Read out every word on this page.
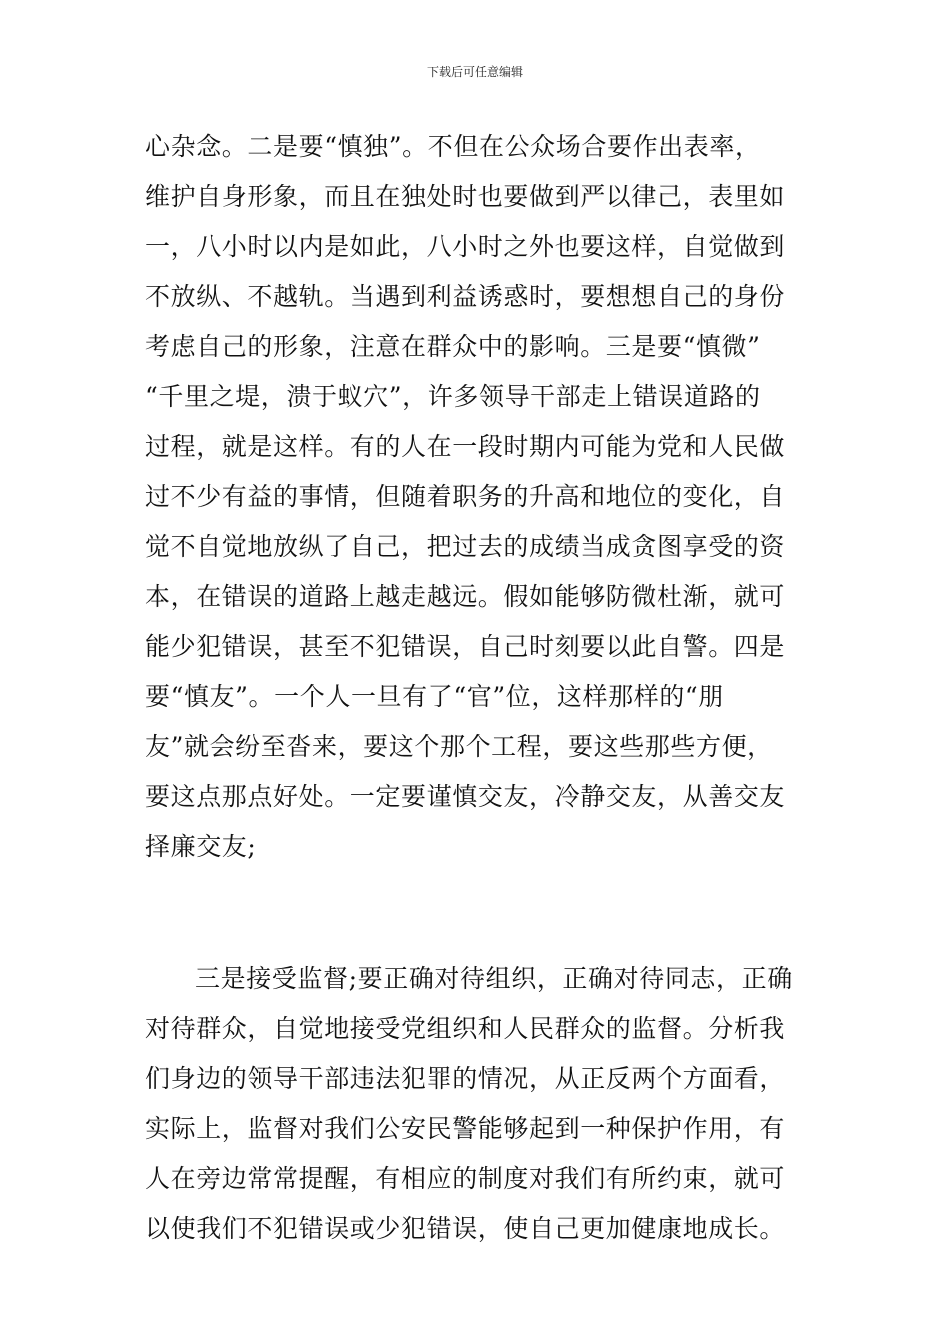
下载后可任意编辑
心杂念。二是要“慎独”。不但在公众场合要作出表率，
维护自身形象，而且在独处时也要做到严以律己，表里如
一，八小时以内是如此，八小时之外也要这样，自觉做到
不放纵、不越轨。当遇到利益诱惑时，要想想自己的身份
考虑自己的形象，注意在群众中的影响。三是要“慎微”
“千里之堤，溃于蚁穴”，许多领导干部走上错误道路的
过程，就是这样。有的人在一段时期内可能为党和人民做
过不少有益的事情，但随着职务的升高和地位的变化，自
觉不自觉地放纵了自己，把过去的成绩当成贪图享受的资
本，在错误的道路上越走越远。假如能够防微杜渐，就可
能少犯错误，甚至不犯错误，自己时刻要以此自警。四是
要“慎友”。一个人一旦有了“官”位，这样那样的“朋
友”就会纷至沓来，要这个那个工程，要这些那些方便，
要这点那点好处。一定要谨慎交友，冷静交友，从善交友
择廉交友;
三是接受监督;要正确对待组织，正确对待同志，正确
对待群众，自觉地接受党组织和人民群众的监督。分析我
们身边的领导干部违法犯罪的情况，从正反两个方面看，
实际上，监督对我们公安民警能够起到一种保护作用，有
人在旁边常常提醒，有相应的制度对我们有所约束，就可
以使我们不犯错误或少犯错误，使自己更加健康地成长。
